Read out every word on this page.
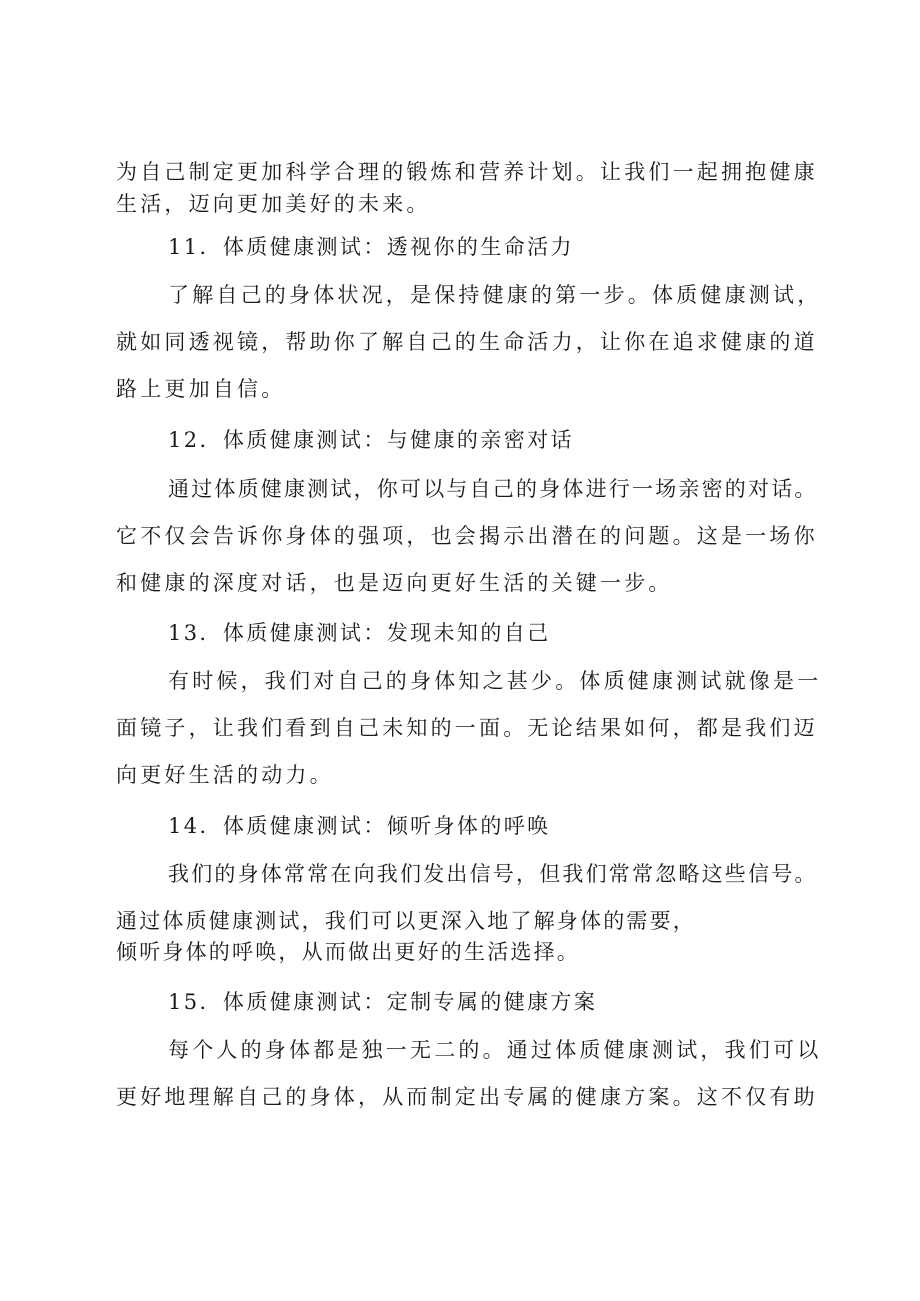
为自己制定更加科学合理的锻炼和营养计划。让我们一起拥抱健康
生活，迈向更加美好的未来。
11．体质健康测试：透视你的生命活力
了解自己的身体状况，是保持健康的第一步。体质健康测试，
就如同透视镜，帮助你了解自己的生命活力，让你在追求健康的道
路上更加自信。
12．体质健康测试：与健康的亲密对话
通过体质健康测试，你可以与自己的身体进行一场亲密的对话。
它不仅会告诉你身体的强项，也会揭示出潜在的问题。这是一场你
和健康的深度对话，也是迈向更好生活的关键一步。
13．体质健康测试：发现未知的自己
有时候，我们对自己的身体知之甚少。体质健康测试就像是一
面镜子，让我们看到自己未知的一面。无论结果如何，都是我们迈
向更好生活的动力。
14．体质健康测试：倾听身体的呼唤
我们的身体常常在向我们发出信号，但我们常常忽略这些信号。
通过体质健康测试，我们可以更深入地了解身体的需要，
倾听身体的呼唤，从而做出更好的生活选择。
15．体质健康测试：定制专属的健康方案
每个人的身体都是独一无二的。通过体质健康测试，我们可以
更好地理解自己的身体，从而制定出专属的健康方案。这不仅有助
